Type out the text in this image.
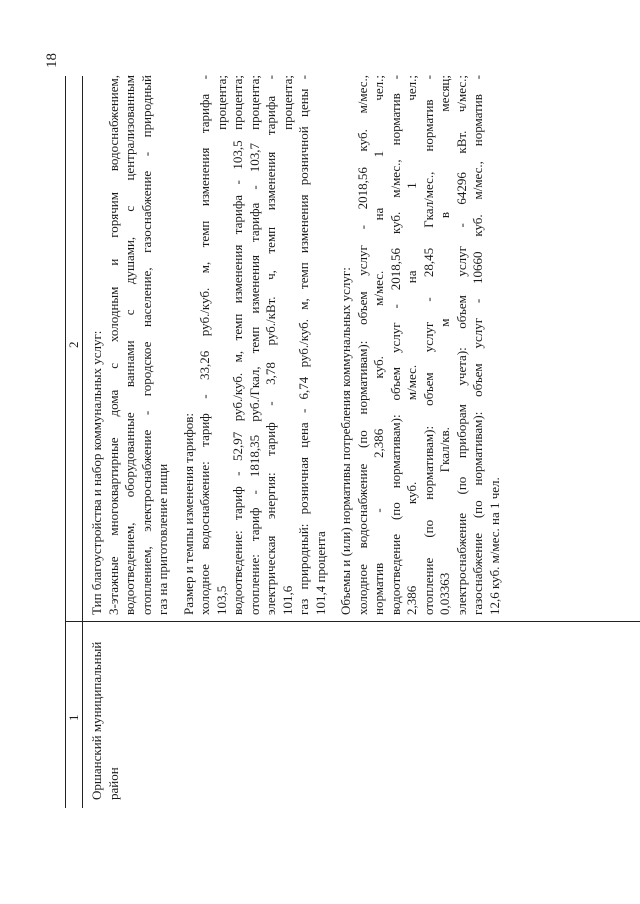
18
1
2
Оршанский муниципальный район
Тип благоустройства и набор коммунальных услуг: 3-этажные многоквартирные дома с холодным и горячим водоснабжением, водоотведением, оборудованные ваннами с душами, с централизованным отоплением, электроснабжение - городское население, газоснабжение - природный газ на приготовление пищи Размер и темпы изменения тарифов: холодное водоснабжение: тариф - 33,26 руб./куб. м, темп изменения тарифа - 103,5 процента; водоотведение: тариф - 52,97 руб./куб. м, темп изменения тарифа - 103,5 процента; отопление: тариф - 1818,35 руб./Гкал, темп изменения тарифа - 103,7 процента; электрическая энергия: тариф - 3,78 руб./кВт. ч, темп изменения тарифа - 101,6 процента; газ природный: розничная цена - 6,74 руб./куб. м, темп изменения розничной цены - 101,4 процента Объемы и (или) нормативы потребления коммунальных услуг: холодное водоснабжение (по нормативам): объем услуг - 2018,56 куб. м/мес., норматив - 2,386 куб. м/мес. на 1 чел.; водоотведение (по нормативам): объем услуг - 2018,56 куб. м/мес., норматив - 2,386 куб. м/мес. на 1 чел.; отопление (по нормативам): объем услуг - 28,45 Гкал/мес., норматив - 0,03363 Гкал/кв. м в месяц; электроснабжение (по приборам учета): объем услуг - 64296 кВт. ч/мес.; газоснабжение (по нормативам): объем услуг - 10660 куб. м/мес., норматив - 12,6 куб. м/мес. на 1 чел.
